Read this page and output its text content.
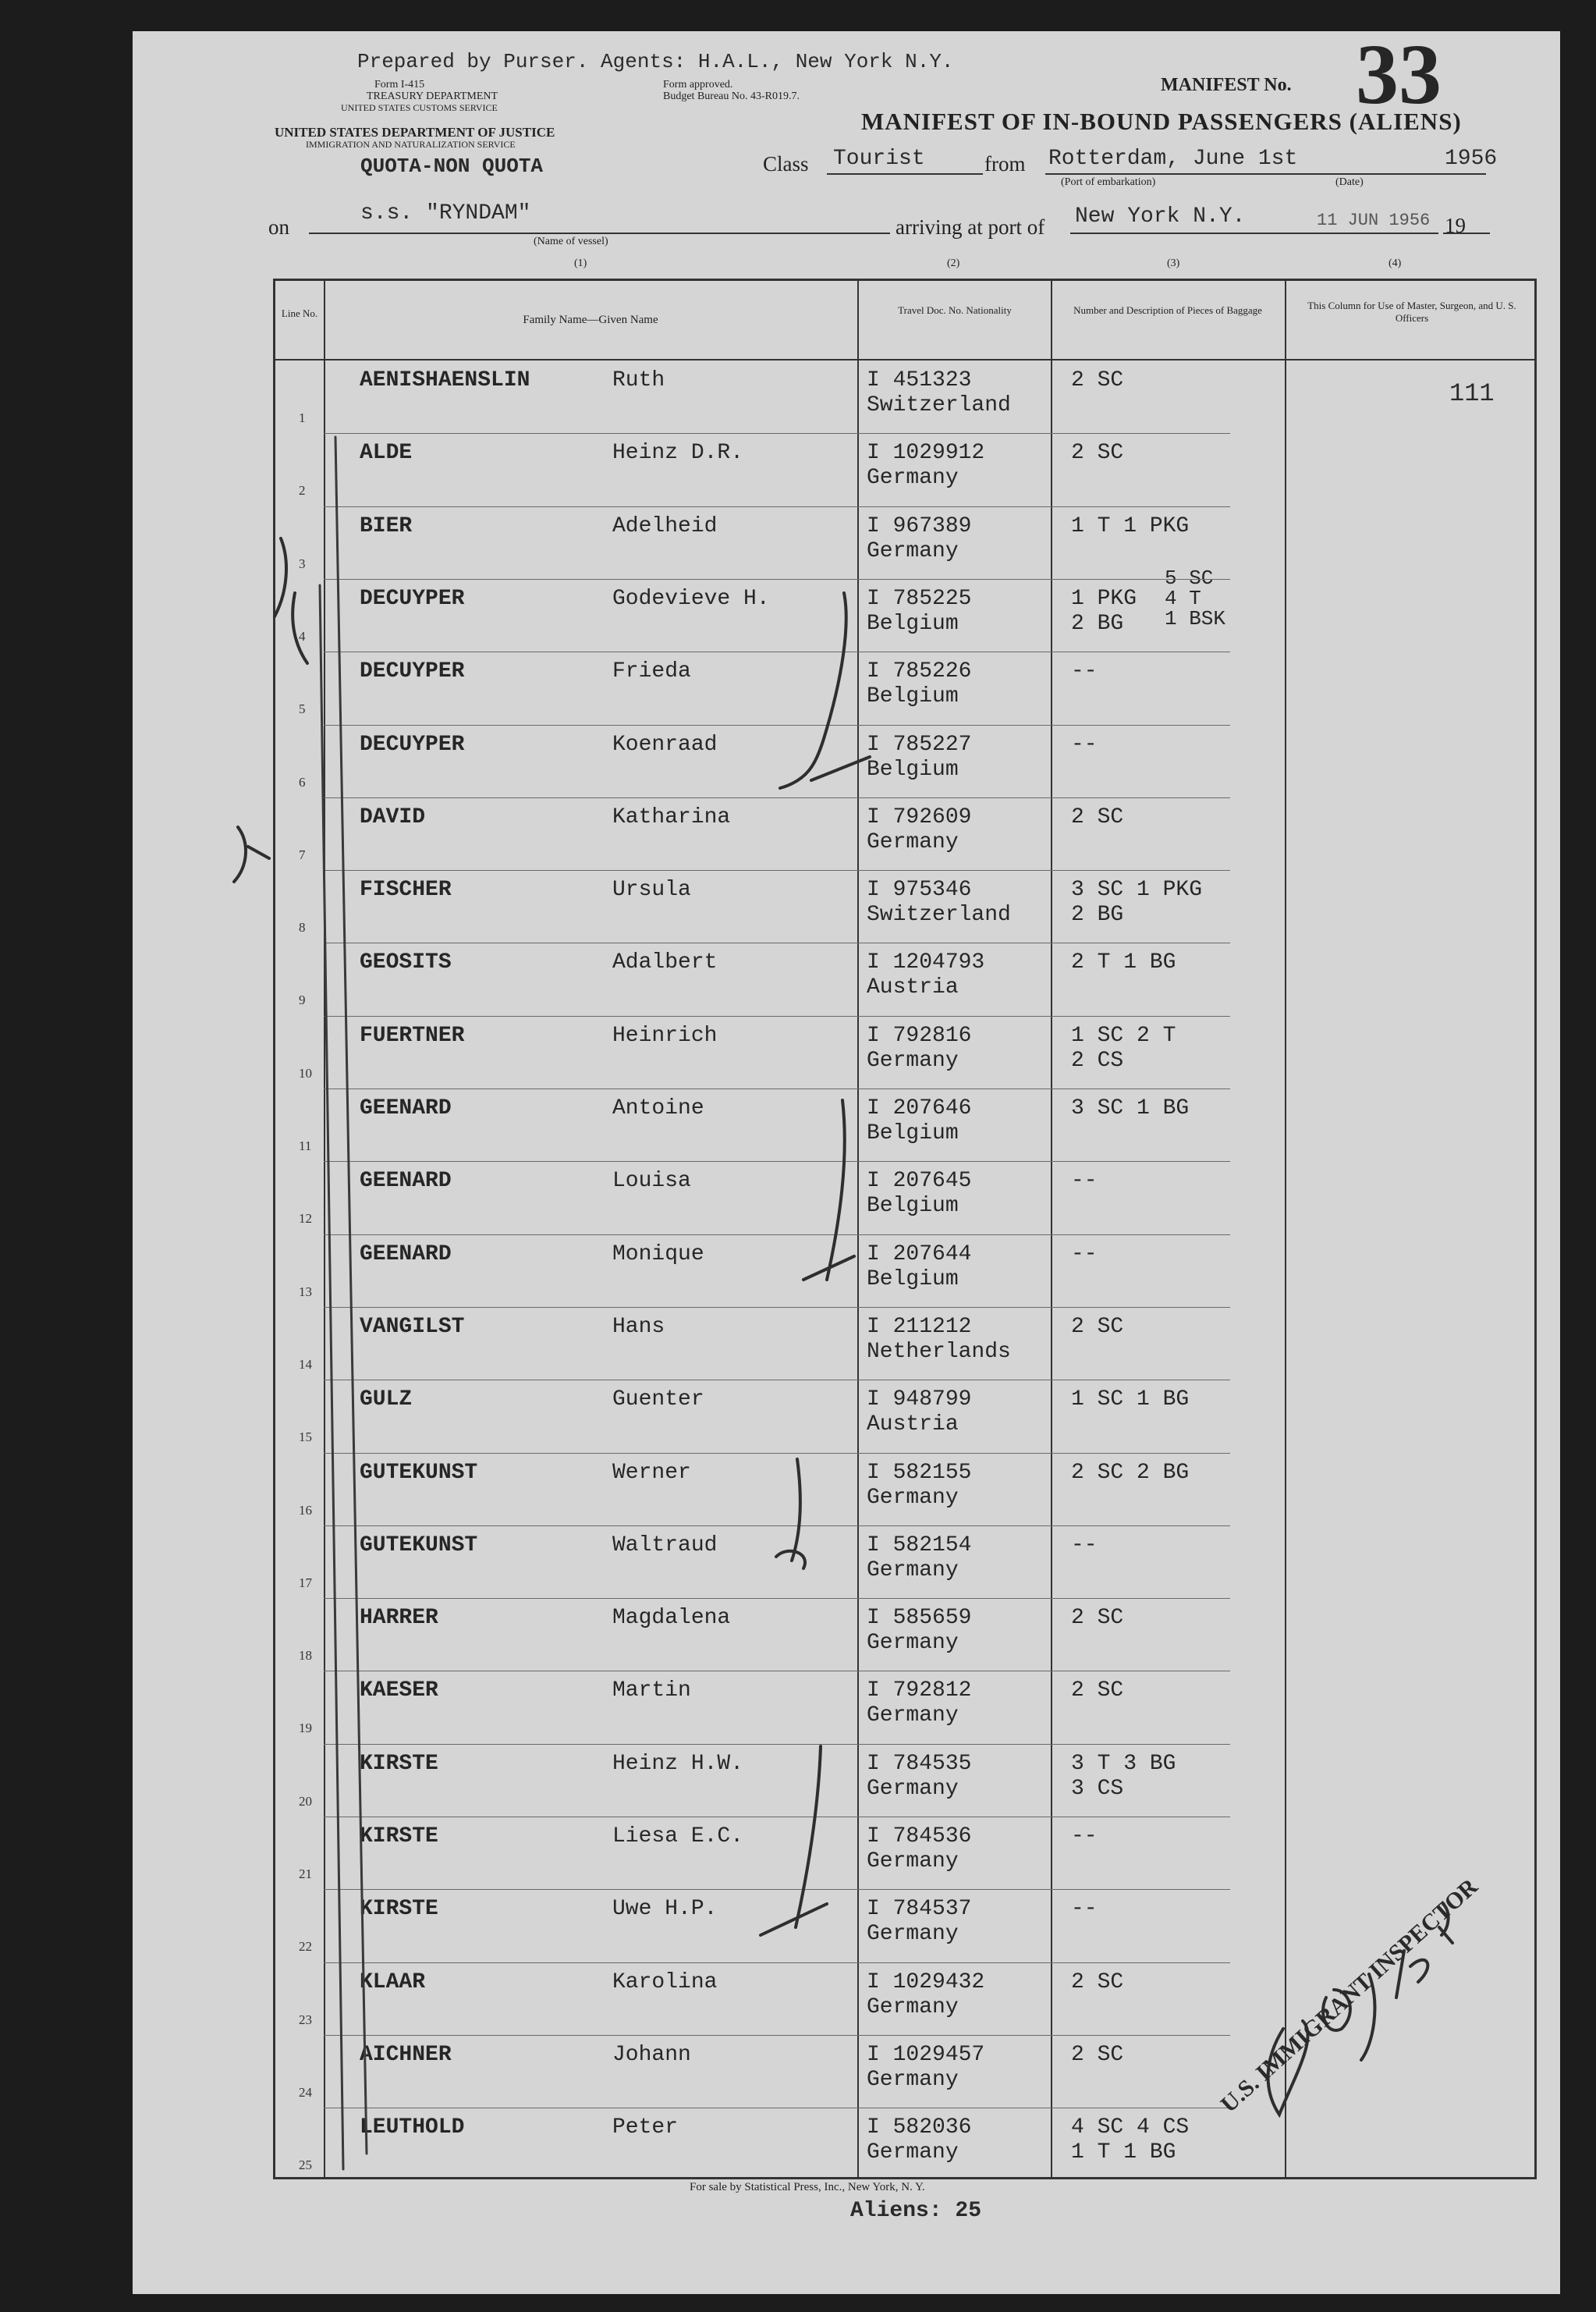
Prepared by Purser. Agents: H.A.L., New York N.Y.
Form I-415
TREASURY DEPARTMENT
UNITED STATES CUSTOMS SERVICE
Form approved.
Budget Bureau No. 43-R019.7.
UNITED STATES DEPARTMENT OF JUSTICE
IMMIGRATION AND NATURALIZATION SERVICE
QUOTA-NON QUOTA
MANIFEST No. 33
MANIFEST OF IN-BOUND PASSENGERS (ALIENS)
Class Tourist	from Rotterdam, June 1st	1956
(Port of embarkation)	(Date)
on
s.s. "RYNDAM"
(Name of vessel)
arriving at port of New York N.Y.	11 JUN 1956 19
(1)	(2)	(3)	(4)
Line No.
Family Name—Given Name
Travel Doc. No. Nationality	Number and Description of Pieces of Baggage	This Column for Use of Master, Surgeon, and U. S. Officers
1
AENISHAENSLIN	Ruth	I 451323
Switzerland
2 SC
2
ALDE	Heinz D.R.	I 1029912
Germany
2 SC
3
BIER	Adelheid	I 967389
Germany
1 T 1 PKG
4
DECUYPER	Godevieve H.	I 785225
Belgium
1 PKG
2 BG
5 SC
4 T
1 BSK
5
DECUYPER	Frieda	I 785226
Belgium
--
6
DECUYPER	Koenraad	I 785227
Belgium
--
7
DAVID	Katharina	I 792609
Germany
2 SC
8
FISCHER	Ursula	I 975346
Switzerland
3 SC 1 PKG
2 BG
9
GEOSITS	Adalbert	I 1204793
Austria
2 T 1 BG
10
FUERTNER	Heinrich	I 792816
Germany
1 SC 2 T
2 CS
11
GEENARD	Antoine	I 207646
Belgium
3 SC 1 BG
12
GEENARD	Louisa	I 207645
Belgium
--
13
GEENARD	Monique	I 207644
Belgium
--
14
VANGILST	Hans	I 211212
Netherlands
2 SC
15
GULZ	Guenter	I 948799
Austria
1 SC 1 BG
16
GUTEKUNST	Werner	I 582155
Germany
2 SC 2 BG
17
GUTEKUNST	Waltraud	I 582154
Germany
--
18
HARRER	Magdalena	I 585659
Germany
2 SC
19
KAESER	Martin	I 792812
Germany
2 SC
20
KIRSTE	Heinz H.W.	I 784535
Germany
3 T 3 BG
3 CS
21
KIRSTE	Liesa E.C.	I 784536
Germany
--
22
KIRSTE	Uwe H.P.	I 784537
Germany
--
23
KLAAR	Karolina	I 1029432
Germany
2 SC
24
AICHNER	Johann	I 1029457
Germany
2 SC
25
LEUTHOLD	Peter	I 582036
Germany
4 SC 4 CS
1 T 1 BG
111
U.S. IMMIGRANT INSPECTOR
For sale by Statistical Press, Inc., New York, N. Y.
Aliens: 25
